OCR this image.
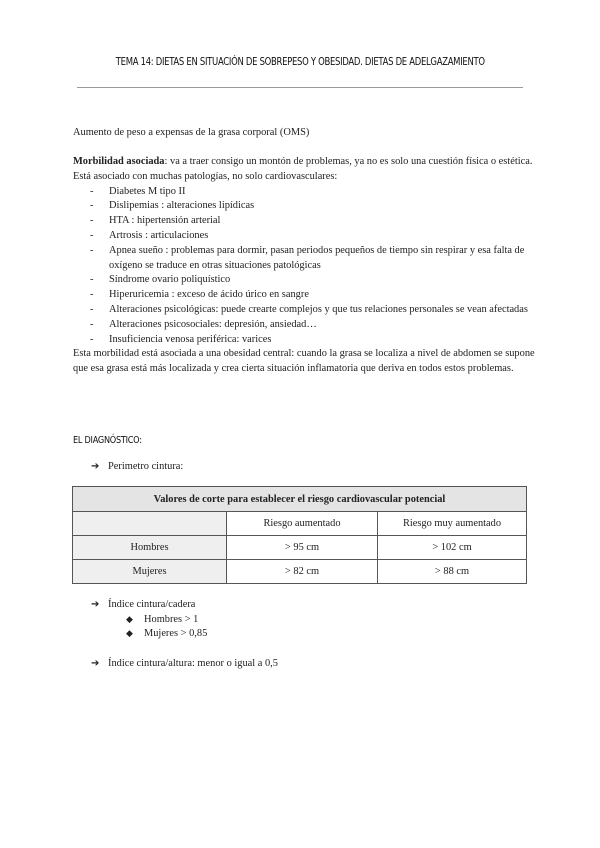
TEMA 14: DIETAS EN SITUACIÓN DE SOBREPESO Y OBESIDAD. DIETAS DE ADELGAZAMIENTO
Aumento de peso a expensas de la grasa corporal (OMS)

Morbilidad asociada: va a traer consigo un montón de problemas, ya no es solo una cuestión física o estética. Está asociado con muchas patologías, no solo cardiovasculares:

- Diabetes M tipo II
- Dislipemias : alteraciones lipídicas
- HTA : hipertensión arterial
- Artrosis : articulaciones
- Apnea sueño : problemas para dormir, pasan periodos pequeños de tiempo sin respirar y esa falta de oxígeno se traduce en otras situaciones patológicas
- Síndrome ovario poliquístico
- Hiperuricemia : exceso de ácido úrico en sangre
- Alteraciones psicológicas: puede crearte complejos y que tus relaciones personales se vean afectadas
- Alteraciones psicosociales: depresión, ansiedad…
- Insuficiencia venosa periférica: varices

Esta morbilidad está asociada a una obesidad central: cuando la grasa se localiza a nivel de abdomen se supone que esa grasa está más localizada y crea cierta situación inflamatoria que deriva en todos estos problemas.

EL DIAGNÓSTICO:
➔ Perimetro cintura:
Valores de corte para establecer el riesgo cardiovascular potencial		
	Riesgo aumentado	Riesgo muy aumentado
Hombres	> 95 cm	> 102 cm
Mujeres	> 82 cm	> 88 cm
➔ Índice cintura/cadera
◆ Hombres > 1
◆ Mujeres > 0,85
➔ Índice cintura/altura: menor o igual a 0,5
